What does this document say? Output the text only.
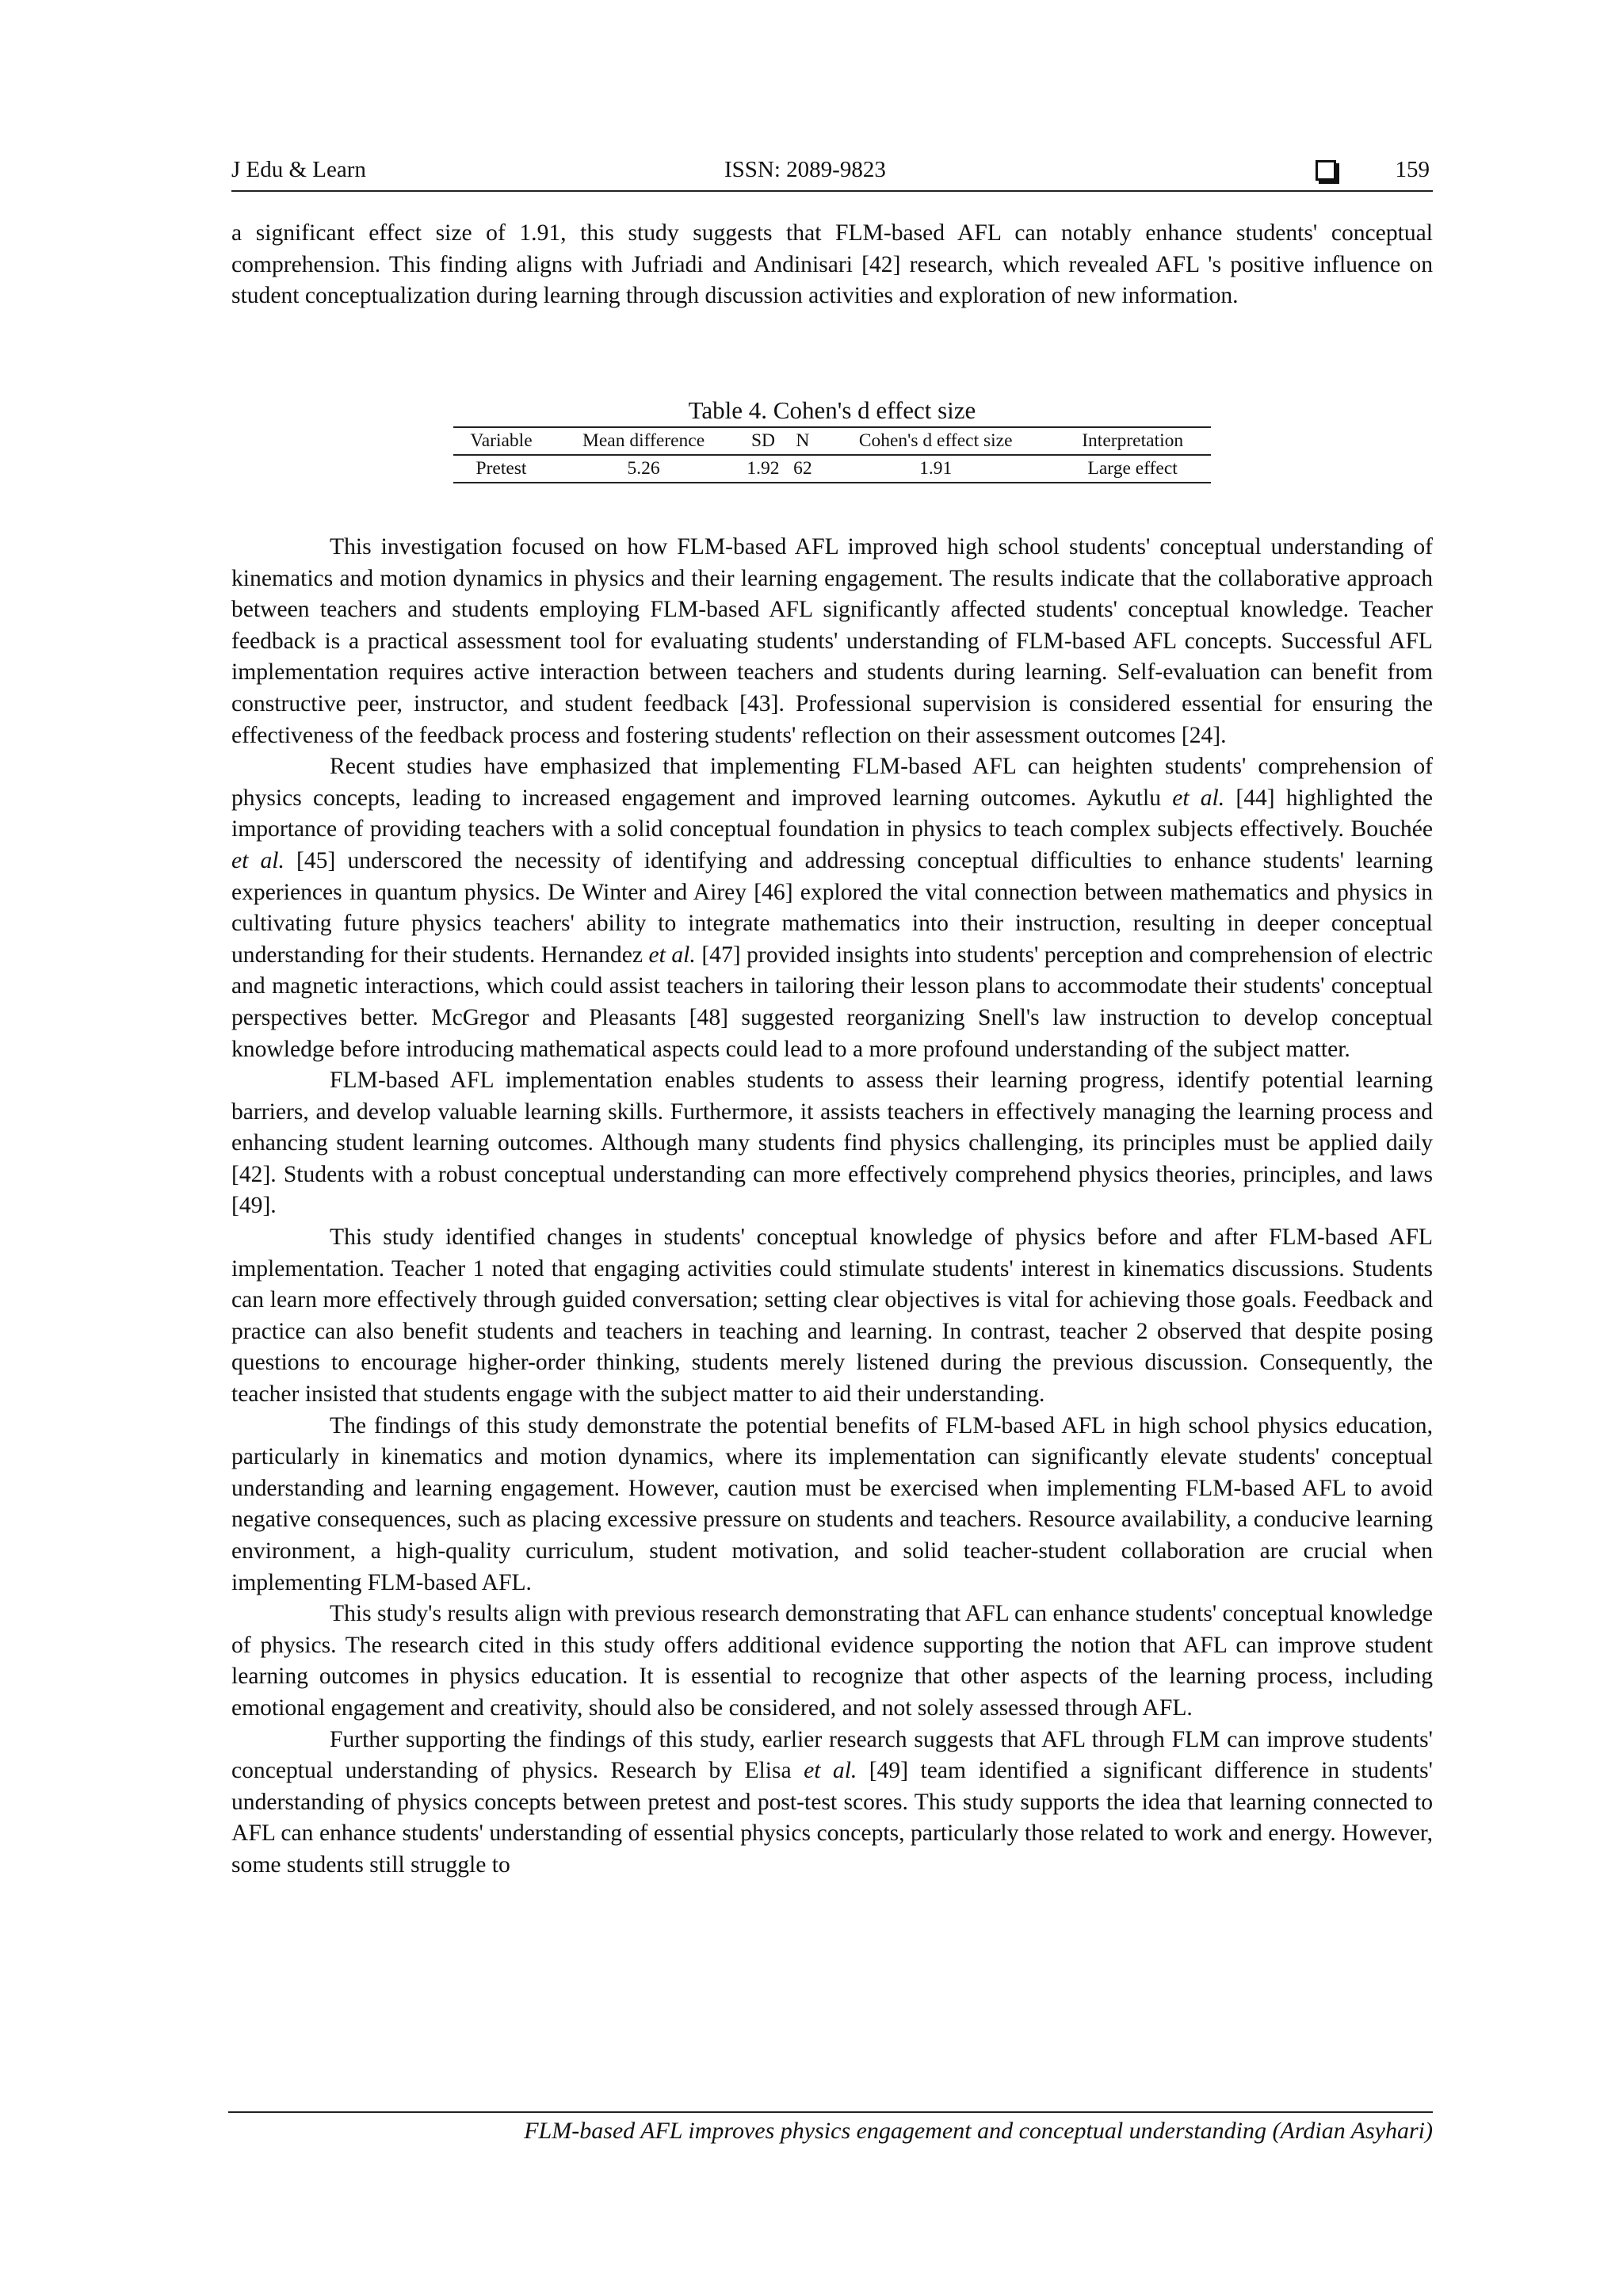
J Edu & Learn	ISSN: 2089-9823	159

a significant effect size of 1.91, this study suggests that FLM-based AFL can notably enhance students' conceptual comprehension. This finding aligns with Jufriadi and Andinisari [42] research, which revealed AFL 's positive influence on student conceptualization during learning through discussion activities and exploration of new information.

Table 4. Cohen's d effect size
Variable	Mean difference	SD	N	Cohen's d effect size	Interpretation
Pretest	5.26	1.92	62	1.91	Large effect

This investigation focused on how FLM-based AFL improved high school students' conceptual understanding of kinematics and motion dynamics in physics and their learning engagement. The results indicate that the collaborative approach between teachers and students employing FLM-based AFL significantly affected students' conceptual knowledge. Teacher feedback is a practical assessment tool for evaluating students' understanding of FLM-based AFL concepts. Successful AFL implementation requires active interaction between teachers and students during learning. Self-evaluation can benefit from constructive peer, instructor, and student feedback [43]. Professional supervision is considered essential for ensuring the effectiveness of the feedback process and fostering students' reflection on their assessment outcomes [24].

Recent studies have emphasized that implementing FLM-based AFL can heighten students' comprehension of physics concepts, leading to increased engagement and improved learning outcomes. Aykutlu et al. [44] highlighted the importance of providing teachers with a solid conceptual foundation in physics to teach complex subjects effectively. Bouchée et al. [45] underscored the necessity of identifying and addressing conceptual difficulties to enhance students' learning experiences in quantum physics. De Winter and Airey [46] explored the vital connection between mathematics and physics in cultivating future physics teachers' ability to integrate mathematics into their instruction, resulting in deeper conceptual understanding for their students. Hernandez et al. [47] provided insights into students' perception and comprehension of electric and magnetic interactions, which could assist teachers in tailoring their lesson plans to accommodate their students' conceptual perspectives better. McGregor and Pleasants [48] suggested reorganizing Snell's law instruction to develop conceptual knowledge before introducing mathematical aspects could lead to a more profound understanding of the subject matter.

FLM-based AFL implementation enables students to assess their learning progress, identify potential learning barriers, and develop valuable learning skills. Furthermore, it assists teachers in effectively managing the learning process and enhancing student learning outcomes. Although many students find physics challenging, its principles must be applied daily [42]. Students with a robust conceptual understanding can more effectively comprehend physics theories, principles, and laws [49].

This study identified changes in students' conceptual knowledge of physics before and after FLM-based AFL implementation. Teacher 1 noted that engaging activities could stimulate students' interest in kinematics discussions. Students can learn more effectively through guided conversation; setting clear objectives is vital for achieving those goals. Feedback and practice can also benefit students and teachers in teaching and learning. In contrast, teacher 2 observed that despite posing questions to encourage higher-order thinking, students merely listened during the previous discussion. Consequently, the teacher insisted that students engage with the subject matter to aid their understanding.

The findings of this study demonstrate the potential benefits of FLM-based AFL in high school physics education, particularly in kinematics and motion dynamics, where its implementation can significantly elevate students' conceptual understanding and learning engagement. However, caution must be exercised when implementing FLM-based AFL to avoid negative consequences, such as placing excessive pressure on students and teachers. Resource availability, a conducive learning environment, a high-quality curriculum, student motivation, and solid teacher-student collaboration are crucial when implementing FLM-based AFL.

This study's results align with previous research demonstrating that AFL can enhance students' conceptual knowledge of physics. The research cited in this study offers additional evidence supporting the notion that AFL can improve student learning outcomes in physics education. It is essential to recognize that other aspects of the learning process, including emotional engagement and creativity, should also be considered, and not solely assessed through AFL.

Further supporting the findings of this study, earlier research suggests that AFL through FLM can improve students' conceptual understanding of physics. Research by Elisa et al. [49] team identified a significant difference in students' understanding of physics concepts between pretest and post-test scores. This study supports the idea that learning connected to AFL can enhance students' understanding of essential physics concepts, particularly those related to work and energy. However, some students still struggle to

FLM-based AFL improves physics engagement and conceptual understanding (Ardian Asyhari)
